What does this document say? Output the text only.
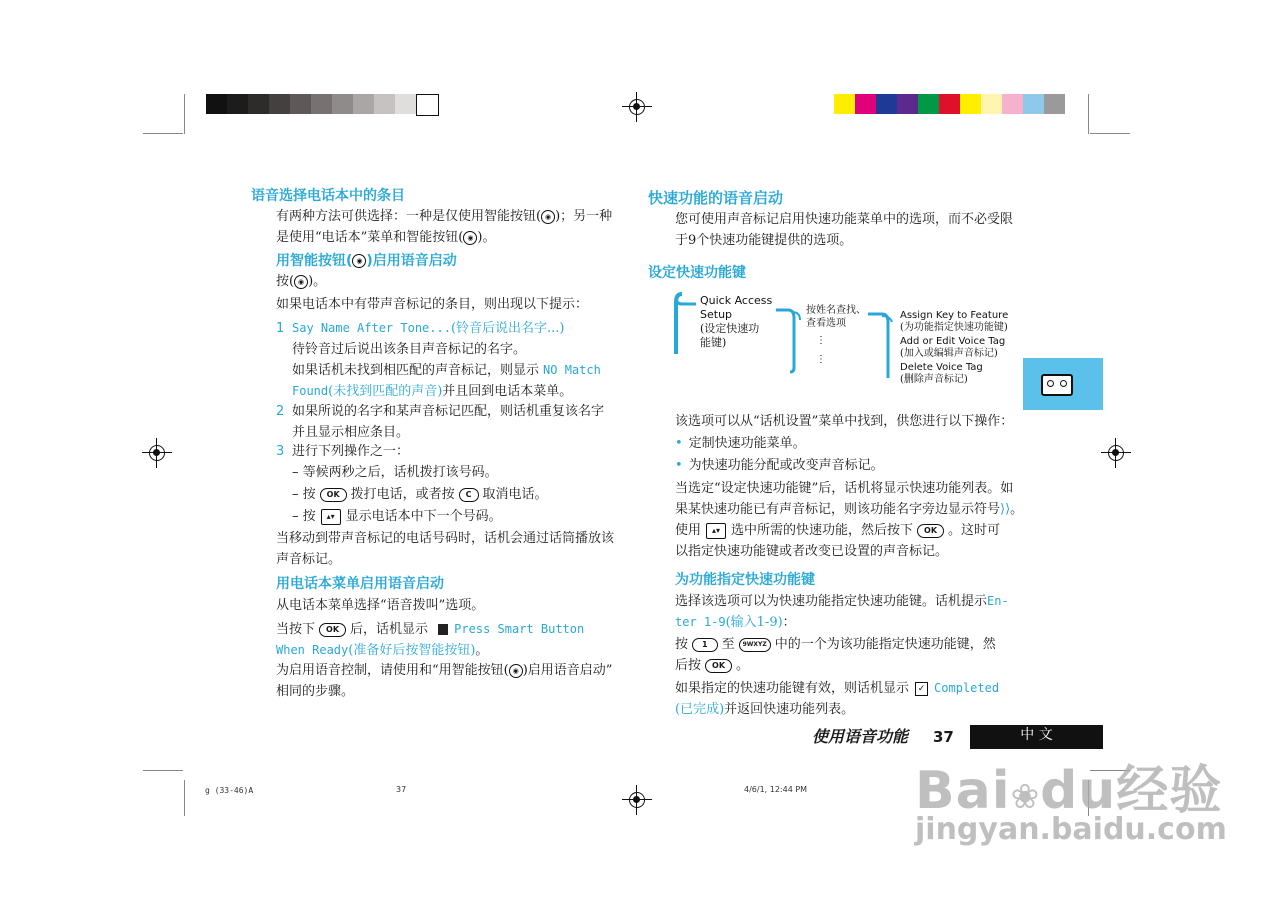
语音选择电话本中的条目
有两种方法可供选择：一种是仅使用智能按钮( ◉ )；另一种
是使用“电话本”菜单和智能按钮( ◉ )。
用智能按钮( ◉ )启用语音启动
按( ◉ )。
如果电话本中有带声音标记的条目，则出现以下提示：
1 Say Name After Tone...(铃音后说出名字...)
待铃音过后说出该条目声音标记的名字。
如果话机未找到相匹配的声音标记，则显示 NO Match
Found(未找到匹配的声音)并且回到电话本菜单。
2 如果所说的名字和某声音标记匹配，则话机重复该名字
并且显示相应条目。
3 进行下列操作之一：
– 等候两秒之后，话机拨打该号码。
– 按 OK 拨打电话，或者按 C 取消电话。
– 按 ▴▾ 显示电话本中下一个号码。
当移动到带声音标记的电话号码时，话机会通过话筒播放该
声音标记。
用电话本菜单启用语音启动
从电话本菜单选择“语音拨叫”选项。
当按下 OK 后，话机显示 Press Smart Button
When Ready(准备好后按智能按钮)。
为启用语音控制，请使用和“用智能按钮( ◉ )启用语音启动”
相同的步骤。
快速功能的语音启动
您可使用声音标记启用快速功能菜单中的选项，而不必受限
于9个快速功能键提供的选项。
设定快速功能键
Quick Access
Setup
(设定快速功
能键)
按姓名查找、
查看选项
⋮
⋮
Assign Key to Feature
(为功能指定快速功能键)
Add or Edit Voice Tag
(加入或编辑声音标记)
Delete Voice Tag
(删除声音标记)
该选项可以从“话机设置”菜单中找到，供您进行以下操作：
• 定制快速功能菜单。
• 为快速功能分配或改变声音标记。
当选定“设定快速功能键”后，话机将显示快速功能列表。如
果某快速功能已有声音标记，则该功能名字旁边显示符号⟩⟩。
使用 ▴▾ 选中所需的快速功能，然后按下 OK 。这时可
以指定快速功能键或者改变已设置的声音标记。
为功能指定快速功能键
选择该选项可以为快速功能指定快速功能键。话机提示En-
ter 1-9(输入1-9)：
按 1 至 9WXYZ 中的一个为该功能指定快速功能键，然
后按 OK 。
如果指定的快速功能键有效，则话机显示 ✓ Completed
(已完成)并返回快速功能列表。
使用语音功能 37	中 文
g (33-46)A	37	4/6/1, 12:44 PM Bai❀du经验
jingyan.baidu.com
